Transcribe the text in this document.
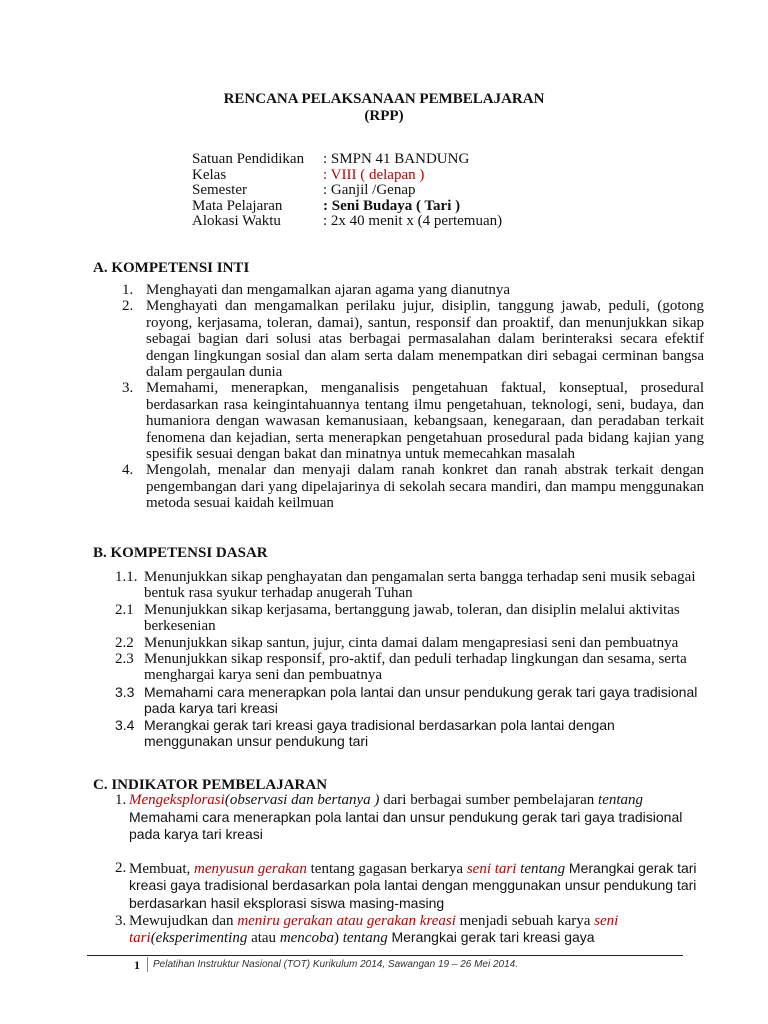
RENCANA PELAKSANAAN PEMBELAJARAN
(RPP)
Satuan Pendidikan	: SMPN 41 BANDUNG
Kelas	: VIII ( delapan )
Semester	: Ganjil /Genap
Mata Pelajaran	: Seni Budaya ( Tari )
Alokasi Waktu	: 2x 40 menit x (4 pertemuan)
A. KOMPETENSI INTI
1. Menghayati dan mengamalkan ajaran agama yang dianutnya
2. Menghayati dan mengamalkan perilaku jujur, disiplin, tanggung jawab, peduli, (gotong royong, kerjasama, toleran, damai), santun, responsif dan proaktif, dan menunjukkan sikap sebagai bagian dari solusi atas berbagai permasalahan dalam berinteraksi secara efektif dengan lingkungan sosial dan alam serta dalam menempatkan diri sebagai cerminan bangsa dalam pergaulan dunia
3. Memahami, menerapkan, menganalisis pengetahuan faktual, konseptual, prosedural berdasarkan rasa keingintahuannya tentang ilmu pengetahuan, teknologi, seni, budaya, dan humaniora dengan wawasan kemanusiaan, kebangsaan, kenegaraan, dan peradaban terkait fenomena dan kejadian, serta menerapkan pengetahuan prosedural pada bidang kajian yang spesifik sesuai dengan bakat dan minatnya untuk memecahkan masalah
4. Mengolah, menalar dan menyaji dalam ranah konkret dan ranah abstrak terkait dengan pengembangan dari yang dipelajarinya di sekolah secara mandiri, dan mampu menggunakan metoda sesuai kaidah keilmuan
B. KOMPETENSI DASAR
1.1. Menunjukkan sikap penghayatan dan pengamalan serta bangga terhadap seni musik sebagai bentuk rasa syukur terhadap anugerah Tuhan
2.1 Menunjukkan sikap kerjasama, bertanggung jawab, toleran, dan disiplin melalui aktivitas berkesenian
2.2 Menunjukkan sikap santun, jujur, cinta damai dalam mengapresiasi seni dan pembuatnya
2.3 Menunjukkan sikap responsif, pro-aktif, dan peduli terhadap lingkungan dan sesama, serta menghargai karya seni dan pembuatnya
3.3 Memahami cara menerapkan pola lantai dan unsur pendukung gerak tari gaya tradisional pada karya tari kreasi
3.4 Merangkai gerak tari kreasi gaya tradisional berdasarkan pola lantai dengan menggunakan unsur pendukung tari
C. INDIKATOR PEMBELAJARAN
1. Mengeksplorasi(observasi dan bertanya ) dari berbagai sumber pembelajaran tentang
Memahami cara menerapkan pola lantai dan unsur pendukung gerak tari gaya tradisional pada karya tari kreasi
2. Membuat, menyusun gerakan tentang gagasan berkarya seni tari tentang Merangkai gerak tari kreasi gaya tradisional berdasarkan pola lantai dengan menggunakan unsur pendukung tari berdasarkan hasil eksplorasi siswa masing-masing
3. Mewujudkan dan meniru gerakan atau gerakan kreasi menjadi sebuah karya seni tari(eksperimenting atau mencoba) tentang Merangkai gerak tari kreasi gaya
1 Pelatihan Instruktur Nasional (TOT) Kurikulum 2014, Sawangan 19 – 26 Mei 2014.
